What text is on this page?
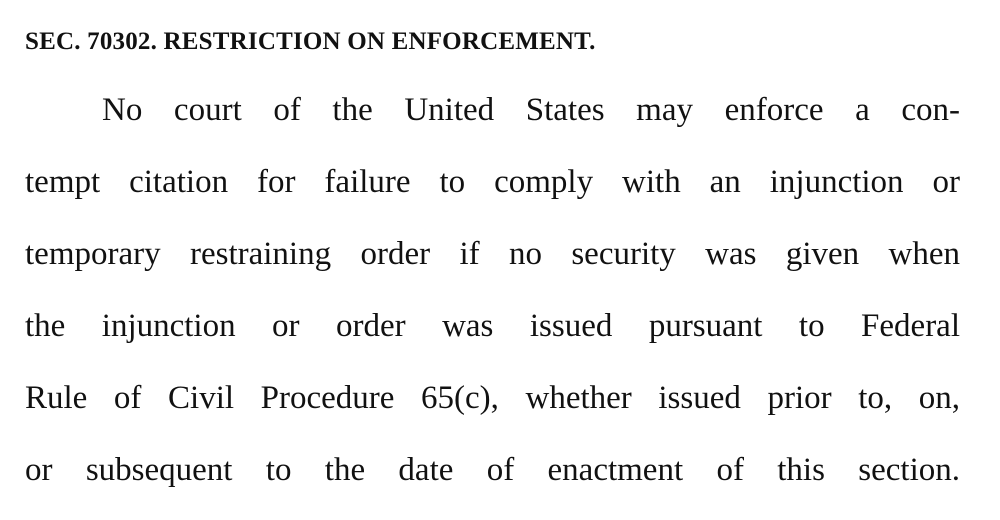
SEC. 70302. RESTRICTION ON ENFORCEMENT.
No court of the United States may enforce a con-
tempt citation for failure to comply with an injunction or
temporary restraining order if no security was given when
the injunction or order was issued pursuant to Federal
Rule of Civil Procedure 65(c), whether issued prior to, on,
or subsequent to the date of enactment of this section.
